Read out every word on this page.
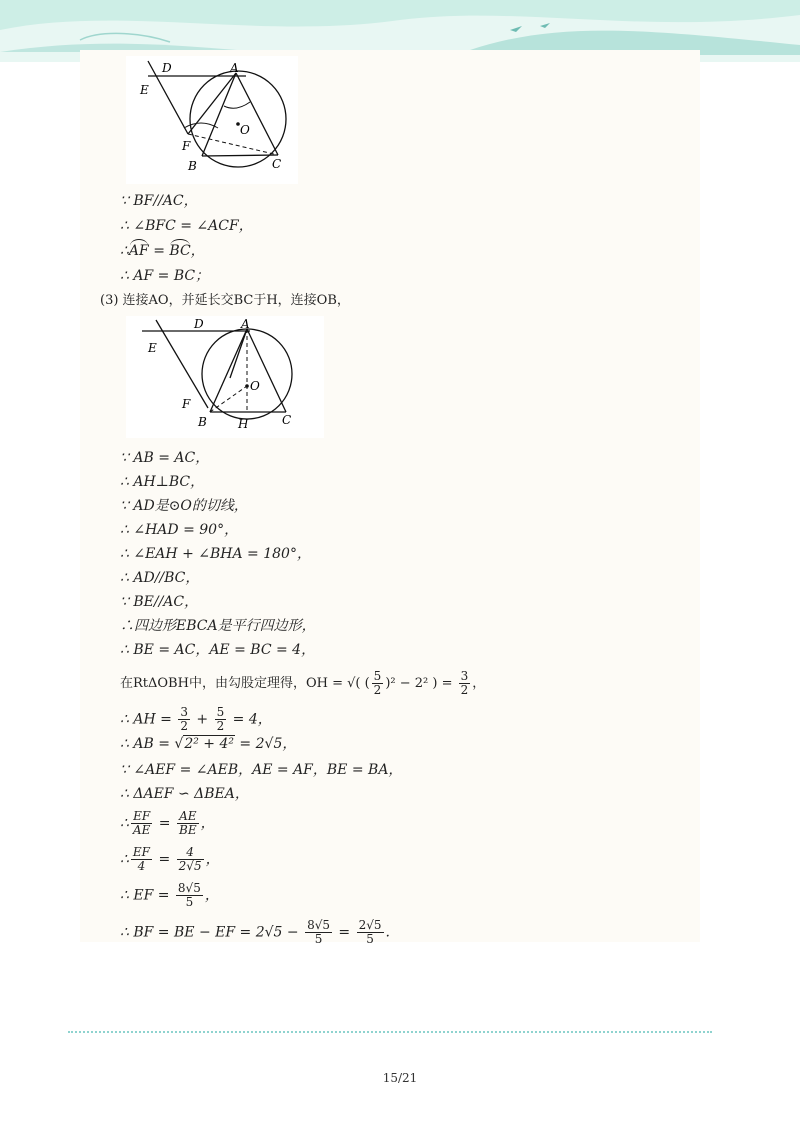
D
E
A
O
F
B	C
∵ BF//AC，
∴ ∠BFC = ∠ACF，
∴AF = BC，
∴ AF = BC；
(3) 连接AO，并延长交BC于H，连接OB，
D
E
A
O
F
B	H	C
∵ AB = AC，
∴ AH⊥BC，
∵ AD是⊙O的切线，
∴ ∠HAD = 90°，
∴ ∠EAH + ∠BHA = 180°，
∴ AD//BC，
∵ BE//AC，
∴四边形EBCA是平行四边形，
∴ BE = AC，AE = BC = 4，
在RtΔOBH中，由勾股定理得，OH = √( ( $\frac{5}{2} )^2 - 2^2$ ) = $\frac{3}{2}$ ，
∴ AH = $\frac{3}{2} + \frac{5}{2} = 4$，
∴ AB = √2² + 4² = 2√5，
∵ ∠AEF = ∠AEB，AE = AF，BE = BA，
∴ ΔAEF ∽ ΔBEA，
∴ $\frac{EF}{AE} = \frac{AE}{BE}$ ，
∴ $\frac{EF}{4} = \frac{4}{2√5}$ ，
∴ EF = $\frac{8√5}{5}$ ，
∴ BF = BE − EF = $2√5 - \frac{8√5}{5} = \frac{2√5}{5}$ .
15/21
